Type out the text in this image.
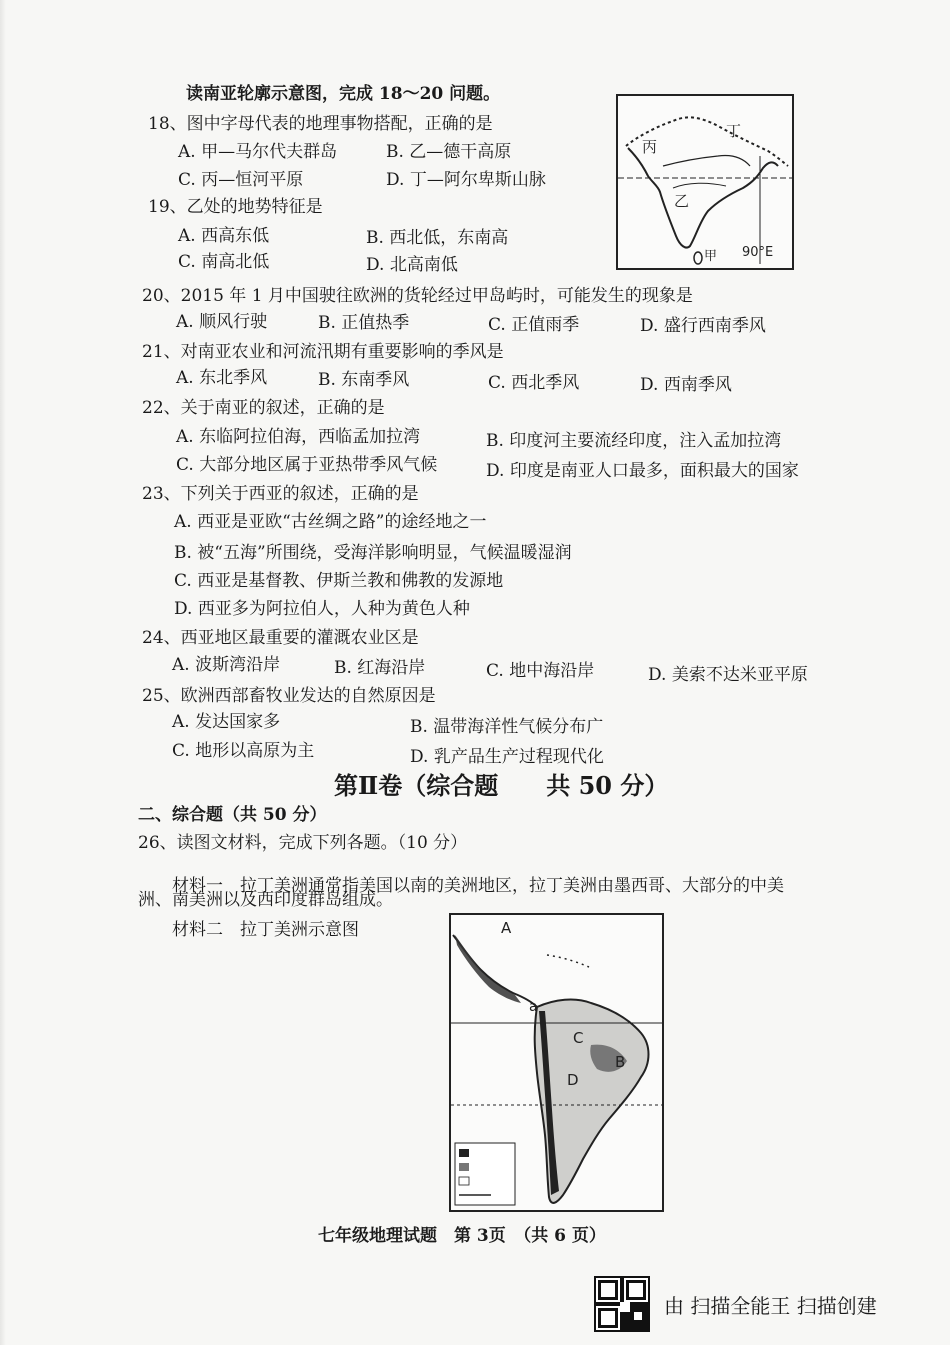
读南亚轮廓示意图，完成 18～20 问题。
18、图中字母代表的地理事物搭配，正确的是
A. 甲—马尔代夫群岛	B. 乙—德干高原
C. 丙—恒河平原	D. 丁—阿尔卑斯山脉
19、乙处的地势特征是
A. 西高东低	B. 西北低，东南高
C. 南高北低	D. 北高南低
20、2015 年 1 月中国驶往欧洲的货轮经过甲岛屿时，可能发生的现象是
A. 顺风行驶	B. 正值热季	C. 正值雨季	D. 盛行西南季风
21、对南亚农业和河流汛期有重要影响的季风是
A. 东北季风	B. 东南季风	C. 西北季风	D. 西南季风
22、关于南亚的叙述，正确的是
A. 东临阿拉伯海，西临孟加拉湾	B. 印度河主要流经印度，注入孟加拉湾
C. 大部分地区属于亚热带季风气候	D. 印度是南亚人口最多，面积最大的国家
23、下列关于西亚的叙述，正确的是
A. 西亚是亚欧“古丝绸之路”的途经地之一
B. 被“五海”所围绕，受海洋影响明显，气候温暖湿润
C. 西亚是基督教、伊斯兰教和佛教的发源地
D. 西亚多为阿拉伯人，人种为黄色人种
24、西亚地区最重要的灌溉农业区是
A. 波斯湾沿岸	B. 红海沿岸	C. 地中海沿岸	D. 美索不达米亚平原
25、欧洲西部畜牧业发达的自然原因是
A. 发达国家多	B. 温带海洋性气候分布广
C. 地形以高原为主	D. 乳产品生产过程现代化
第Ⅱ卷（综合题　　共 50 分）
二、综合题（共 50 分）
26、读图文材料，完成下列各题。（10 分）
材料一　拉丁美洲通常指美国以南的美洲地区，拉丁美洲由墨西哥、大部分的中美
洲、南美洲以及西印度群岛组成。
材料二　拉丁美洲示意图
丙
丁
乙
甲 90°E
A
a
C
B
D
七年级地理试题　第 3页　（共 6 页）
由 扫描全能王 扫描创建
